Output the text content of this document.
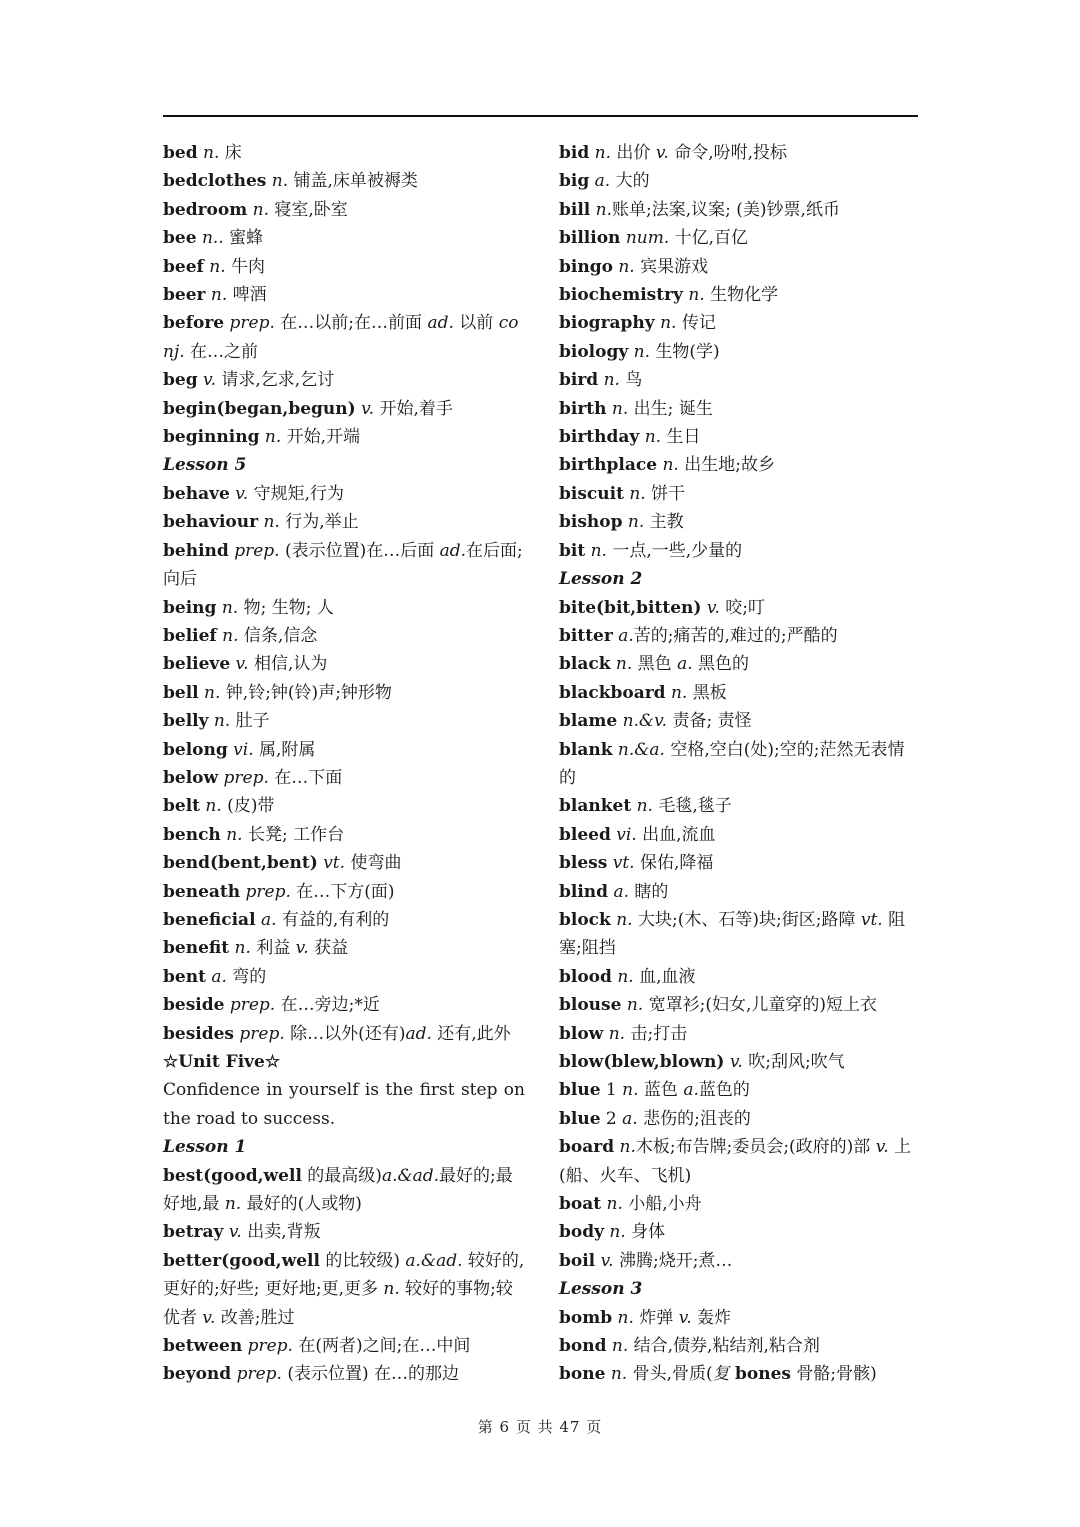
bed n. 床
bedclothes n. 铺盖,床单被褥类
bedroom n. 寝室,卧室
bee n.. 蜜蜂
beef n. 牛肉
beer n. 啤酒
before prep. 在…以前;在…前面 ad. 以前 conj. 在…之前
beg v. 请求,乞求,乞讨
begin(began,begun) v. 开始,着手
beginning n. 开始,开端
Lesson 5
behave v. 守规矩,行为
behaviour n. 行为,举止
behind prep. (表示位置)在…后面 ad.在后面;向后
being n. 物; 生物; 人
belief n. 信条,信念
believe v. 相信,认为
bell n. 钟,铃;钟(铃)声;钟形物
belly n. 肚子
belong vi. 属,附属
below prep. 在…下面
belt n. (皮)带
bench n. 长凳; 工作台
bend(bent,bent) vt. 使弯曲
beneath prep. 在…下方(面)
beneficial a. 有益的,有利的
benefit n. 利益 v. 获益
bent a. 弯的
beside prep. 在…旁边;*近
besides prep. 除…以外(还有)ad. 还有,此外
☆Unit Five☆
Confidence in yourself is the first step on the road to success.
Lesson 1
best(good,well 的最高级)a.&ad.最好的;最好地,最 n. 最好的(人或物)
betray v. 出卖,背叛
better(good,well 的比较级) a.&ad. 较好的,更好的;好些; 更好地;更,更多 n. 较好的事物;较优者 v. 改善;胜过
between prep. 在(两者)之间;在…中间
beyond prep. (表示位置) 在…的那边
bid n. 出价 v. 命令,吩咐,投标
big a. 大的
bill n.账单;法案,议案; (美)钞票,纸币
billion num. 十亿,百亿
bingo n. 宾果游戏
biochemistry n. 生物化学
biography n. 传记
biology n. 生物(学)
bird n. 鸟
birth n. 出生; 诞生
birthday n. 生日
birthplace n. 出生地;故乡
biscuit n. 饼干
bishop n. 主教
bit n. 一点,一些,少量的
Lesson 2
bite(bit,bitten) v. 咬;叮
bitter a.苦的;痛苦的,难过的;严酷的
black n. 黑色 a. 黑色的
blackboard n. 黑板
blame n.&v. 责备; 责怪
blank n.&a. 空格,空白(处);空的;茫然无表情的
blanket n. 毛毯,毯子
bleed vi. 出血,流血
bless vt. 保佑,降福
blind a. 瞎的
block n. 大块;(木、石等)块;街区;路障 vt. 阻塞;阻挡
blood n. 血,血液
blouse n. 宽罩衫;(妇女,儿童穿的)短上衣
blow n. 击;打击
blow(blew,blown) v. 吹;刮风;吹气
blue 1 n. 蓝色 a.蓝色的
blue 2 a. 悲伤的;沮丧的
board n.木板;布告牌;委员会;(政府的)部 v. 上(船、火车、飞机)
boat n. 小船,小舟
body n. 身体
boil v. 沸腾;烧开;煮…
Lesson 3
bomb n. 炸弹 v. 轰炸
bond n. 结合,债券,粘结剂,粘合剂
bone n. 骨头,骨质(复 bones 骨骼;骨骸)
第 6 页 共 47 页
